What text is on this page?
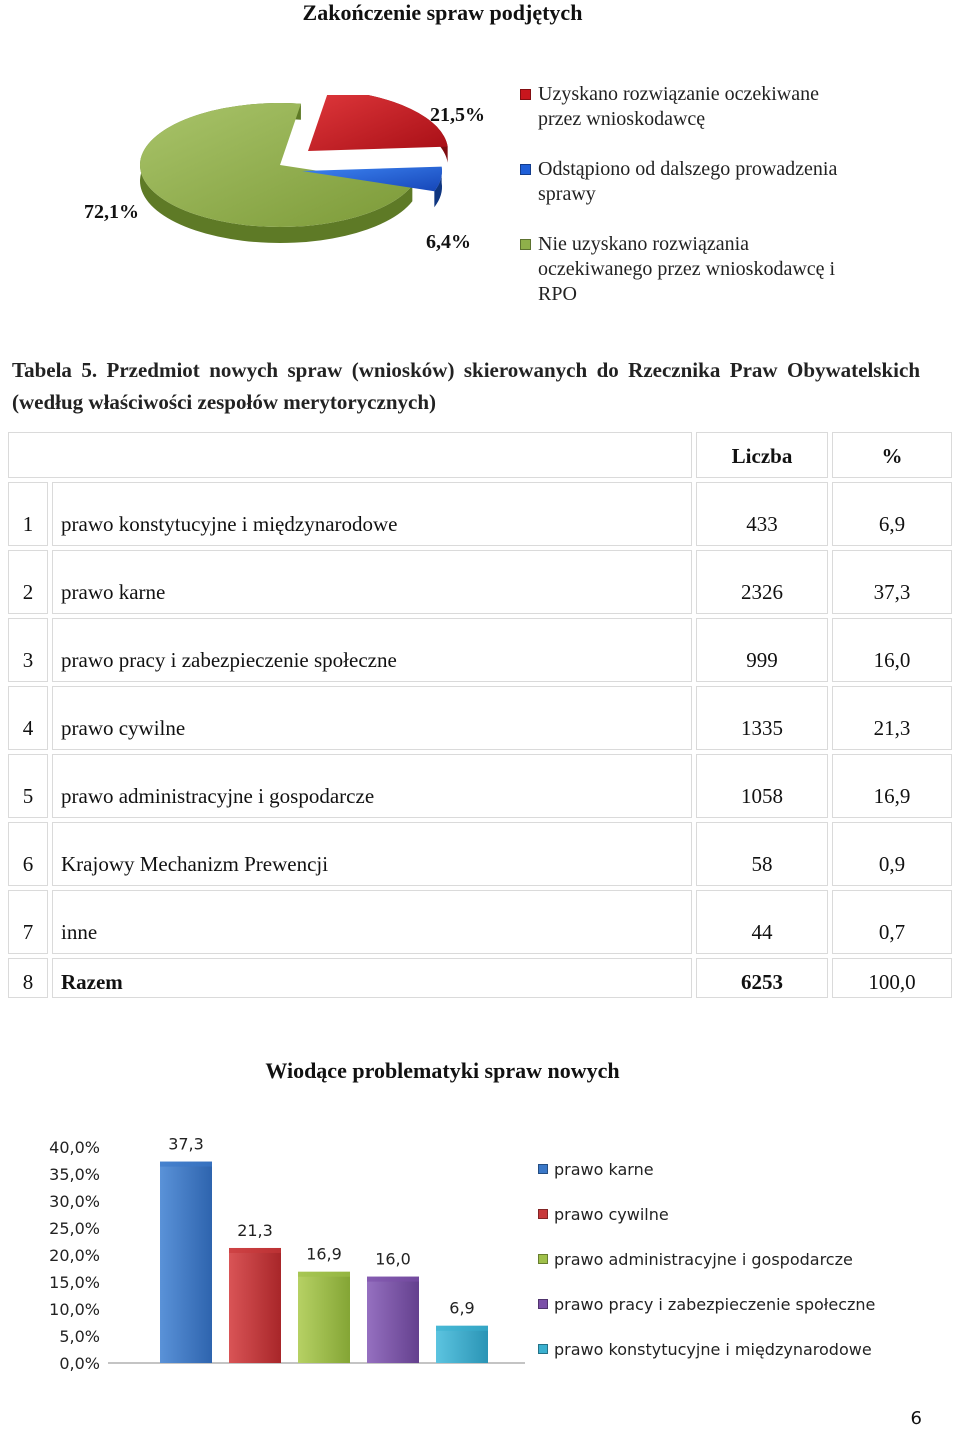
Zakończenie spraw podjętych
21,5%
6,4%
72,1%
Uzyskano rozwiązanie oczekiwane przez wnioskodawcę
Odstąpiono od dalszego prowadzenia sprawy
Nie uzyskano rozwiązania oczekiwanego przez wnioskodawcę i RPO
Tabela 5. Przedmiot nowych spraw (wniosków) skierowanych do Rzecznika Praw Obywatelskich (według właściwości zespołów merytorycznych)
		Liczba	%
1	prawo konstytucyjne i międzynarodowe	433	6,9
2	prawo karne	2326	37,3
3	prawo pracy i zabezpieczenie społeczne	999	16,0
4	prawo cywilne	1335	21,3
5	prawo administracyjne i gospodarcze	1058	16,9
6	Krajowy Mechanizm Prewencji	58	0,9
7	inne	44	0,7
8	Razem	6253	100,0
Wiodące problematyki spraw nowych
0,0%
5,0%
10,0%
15,0%
20,0%
25,0%
30,0%
35,0%
40,0%	37,3
21,3
16,9 16,0
6,9
prawo karne
prawo cywilne
prawo administracyjne i gospodarcze
prawo pracy i zabezpieczenie społeczne
prawo konstytucyjne i międzynarodowe
6
